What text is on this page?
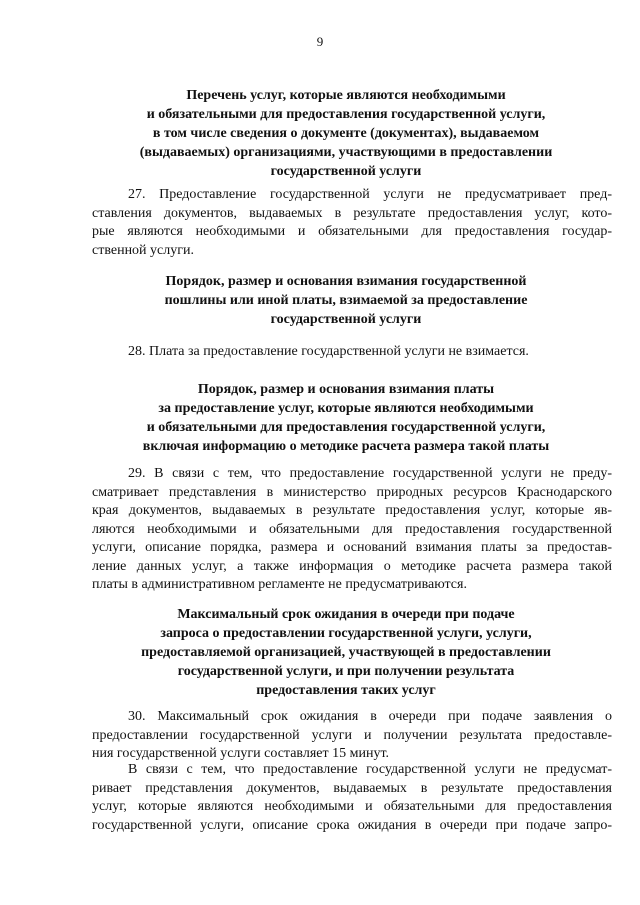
9
Перечень услуг, которые являются необходимыми
и обязательными для предоставления государственной услуги,
в том числе сведения о документе (документах), выдаваемом
(выдаваемых) организациями, участвующими в предоставлении
государственной услуги
27. Предоставление государственной услуги не предусматривает пред-
ставления документов, выдаваемых в результате предоставления услуг, кото-
рые являются необходимыми и обязательными для предоставления государ-
ственной услуги.
Порядок, размер и основания взимания государственной
пошлины или иной платы, взимаемой за предоставление
государственной услуги
28. Плата за предоставление государственной услуги не взимается.
Порядок, размер и основания взимания платы
за предоставление услуг, которые являются необходимыми
и обязательными для предоставления государственной услуги,
включая информацию о методике расчета размера такой платы
29. В связи с тем, что предоставление государственной услуги не преду-
сматривает представления в министерство природных ресурсов Краснодарского
края документов, выдаваемых в результате предоставления услуг, которые яв-
ляются необходимыми и обязательными для предоставления государственной
услуги, описание порядка, размера и оснований взимания платы за предостав-
ление данных услуг, а также информация о методике расчета размера такой
платы в административном регламенте не предусматриваются.
Максимальный срок ожидания в очереди при подаче
запроса о предоставлении государственной услуги, услуги,
предоставляемой организацией, участвующей в предоставлении
государственной услуги, и при получении результата
предоставления таких услуг
30. Максимальный срок ожидания в очереди при подаче заявления о
предоставлении государственной услуги и получении результата предоставле-
ния государственной услуги составляет 15 минут.
В связи с тем, что предоставление государственной услуги не предусмат-
ривает представления документов, выдаваемых в результате предоставления
услуг, которые являются необходимыми и обязательными для предоставления
государственной услуги, описание срока ожидания в очереди при подаче запро-
